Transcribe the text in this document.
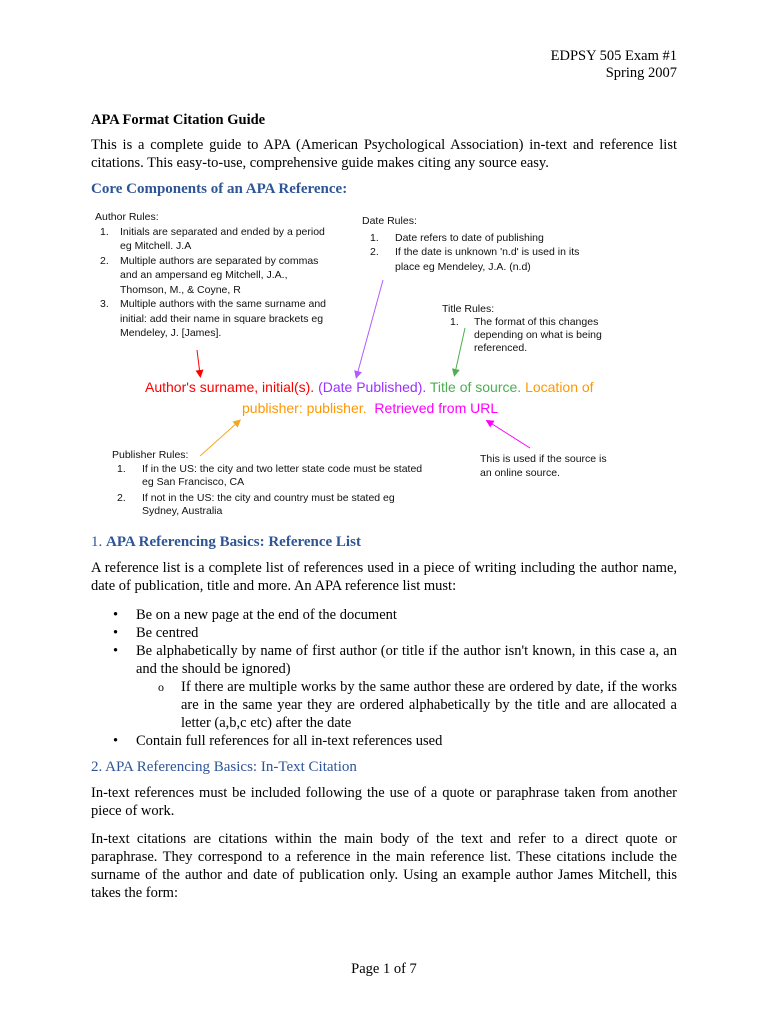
EDPSY 505 Exam #1
Spring 2007
APA Format Citation Guide
This is a complete guide to APA (American Psychological Association) in-text and reference list citations. This easy-to-use, comprehensive guide makes citing any source easy.
Core Components of an APA Reference:
Author Rules:
1. Initials are separated and ended by a period eg Mitchell. J.A
2. Multiple authors are separated by commas and an ampersand eg Mitchell, J.A., Thomson, M., & Coyne, R
3. Multiple authors with the same surname and initial: add their name in square brackets eg Mendeley, J. [James].
Date Rules:
1. Date refers to date of publishing
2. If the date is unknown 'n.d' is used in its place eg Mendeley, J.A. (n.d)
Title Rules:
1. The format of this changes depending on what is being referenced.
Author's surname, initial(s). (Date Published). Title of source. Location of
publisher: publisher. Retrieved from URL
Publisher Rules:
1. If in the US: the city and two letter state code must be stated eg San Francisco, CA
2. If not in the US: the city and country must be stated eg Sydney, Australia
This is used if the source is an online source.
1. APA Referencing Basics: Reference List
A reference list is a complete list of references used in a piece of writing including the author name, date of publication, title and more. An APA reference list must:
• Be on a new page at the end of the document
• Be centred
• Be alphabetically by name of first author (or title if the author isn't known, in this case a, an and the should be ignored)
o If there are multiple works by the same author these are ordered by date, if the works are in the same year they are ordered alphabetically by the title and are allocated a letter (a,b,c etc) after the date
• Contain full references for all in-text references used
2. APA Referencing Basics: In-Text Citation
In-text references must be included following the use of a quote or paraphrase taken from another piece of work.
In-text citations are citations within the main body of the text and refer to a direct quote or paraphrase. They correspond to a reference in the main reference list. These citations include the surname of the author and date of publication only. Using an example author James Mitchell, this takes the form:
Page 1 of 7
